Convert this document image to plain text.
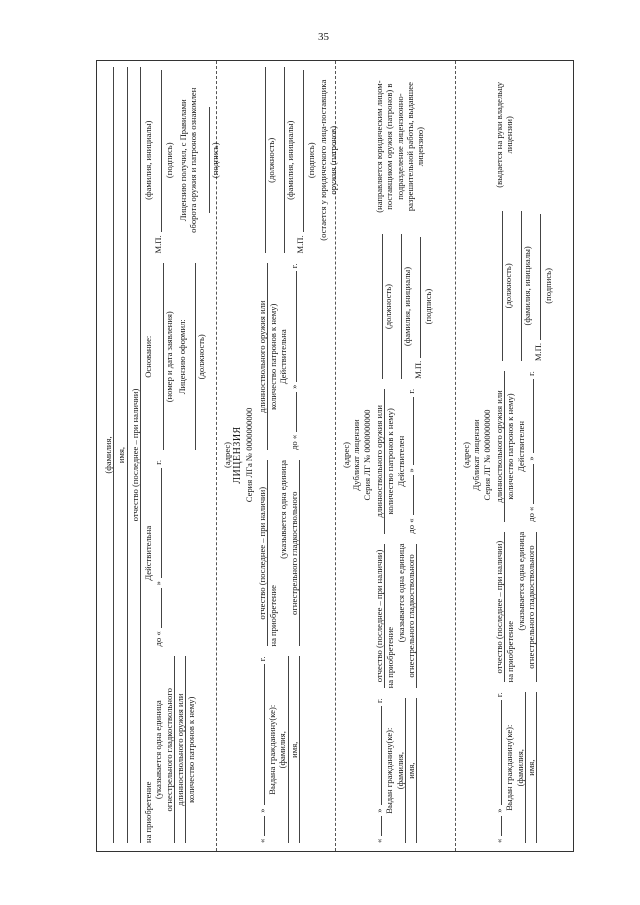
35
(фамилия, имя, отчество (последнее – при наличии)
на приобретение
(указывается одна единица огнестрельного гладкоствольного длинноствольного оружия или количество патронов к нему)
Действительна
до «
»
г.
Основание: (номер и дата заявления) Лицензию оформил: (должность)
(фамилия, инициалы)
М.П.
(подпись) Лицензию получил, с Правилами оборота оружия и патронов ознакомлен (подпись)
(адрес) ЛИЦЕНЗИЯ Серия ЛГа № 0000000000
«
»
г.
Выдана гражданину(ке): (фамилия, имя,
отчество (последнее – при наличии) на приобретение
(указывается одна единица огнестрельного гладкоствольного
длинноствольного оружия или количество патронов к нему) Действительна
до «
»
г.
(должность) (фамилия, инициалы)
М.П.
(подпись) (остается у юридического лица-поставщика оружия (патронов)
(адрес) Дубликат лицензии Серия ЛГ № 0000000000
«
»
г.
Выдан гражданину(ке): (фамилия, имя,
отчество (последнее – при наличии) на приобретение
(указывается одна единица огнестрельного гладкоствольного
длинноствольного оружия или количество патронов к нему) Действителен
до «
»
г.
(должность) (фамилия, инициалы)
М.П.
(подпись)
(направляется юридическим лицом-поставщиком оружия (патронов) в подразделение лицензионно-разрешительной работы, выдавшее лицензию)
(адрес) Дубликат лицензии Серия ЛГ № 0000000000
«
»
г.
Выдан гражданину(ке): (фамилия, имя,
отчество (последнее – при наличии) на приобретение
(указывается одна единица огнестрельного гладкоствольного
длинноствольного оружия или количество патронов к нему) Действителен
до «
»
г.
(должность) (фамилия, инициалы)
М.П.
(подпись)
(выдается на руки владельцу лицензии)
